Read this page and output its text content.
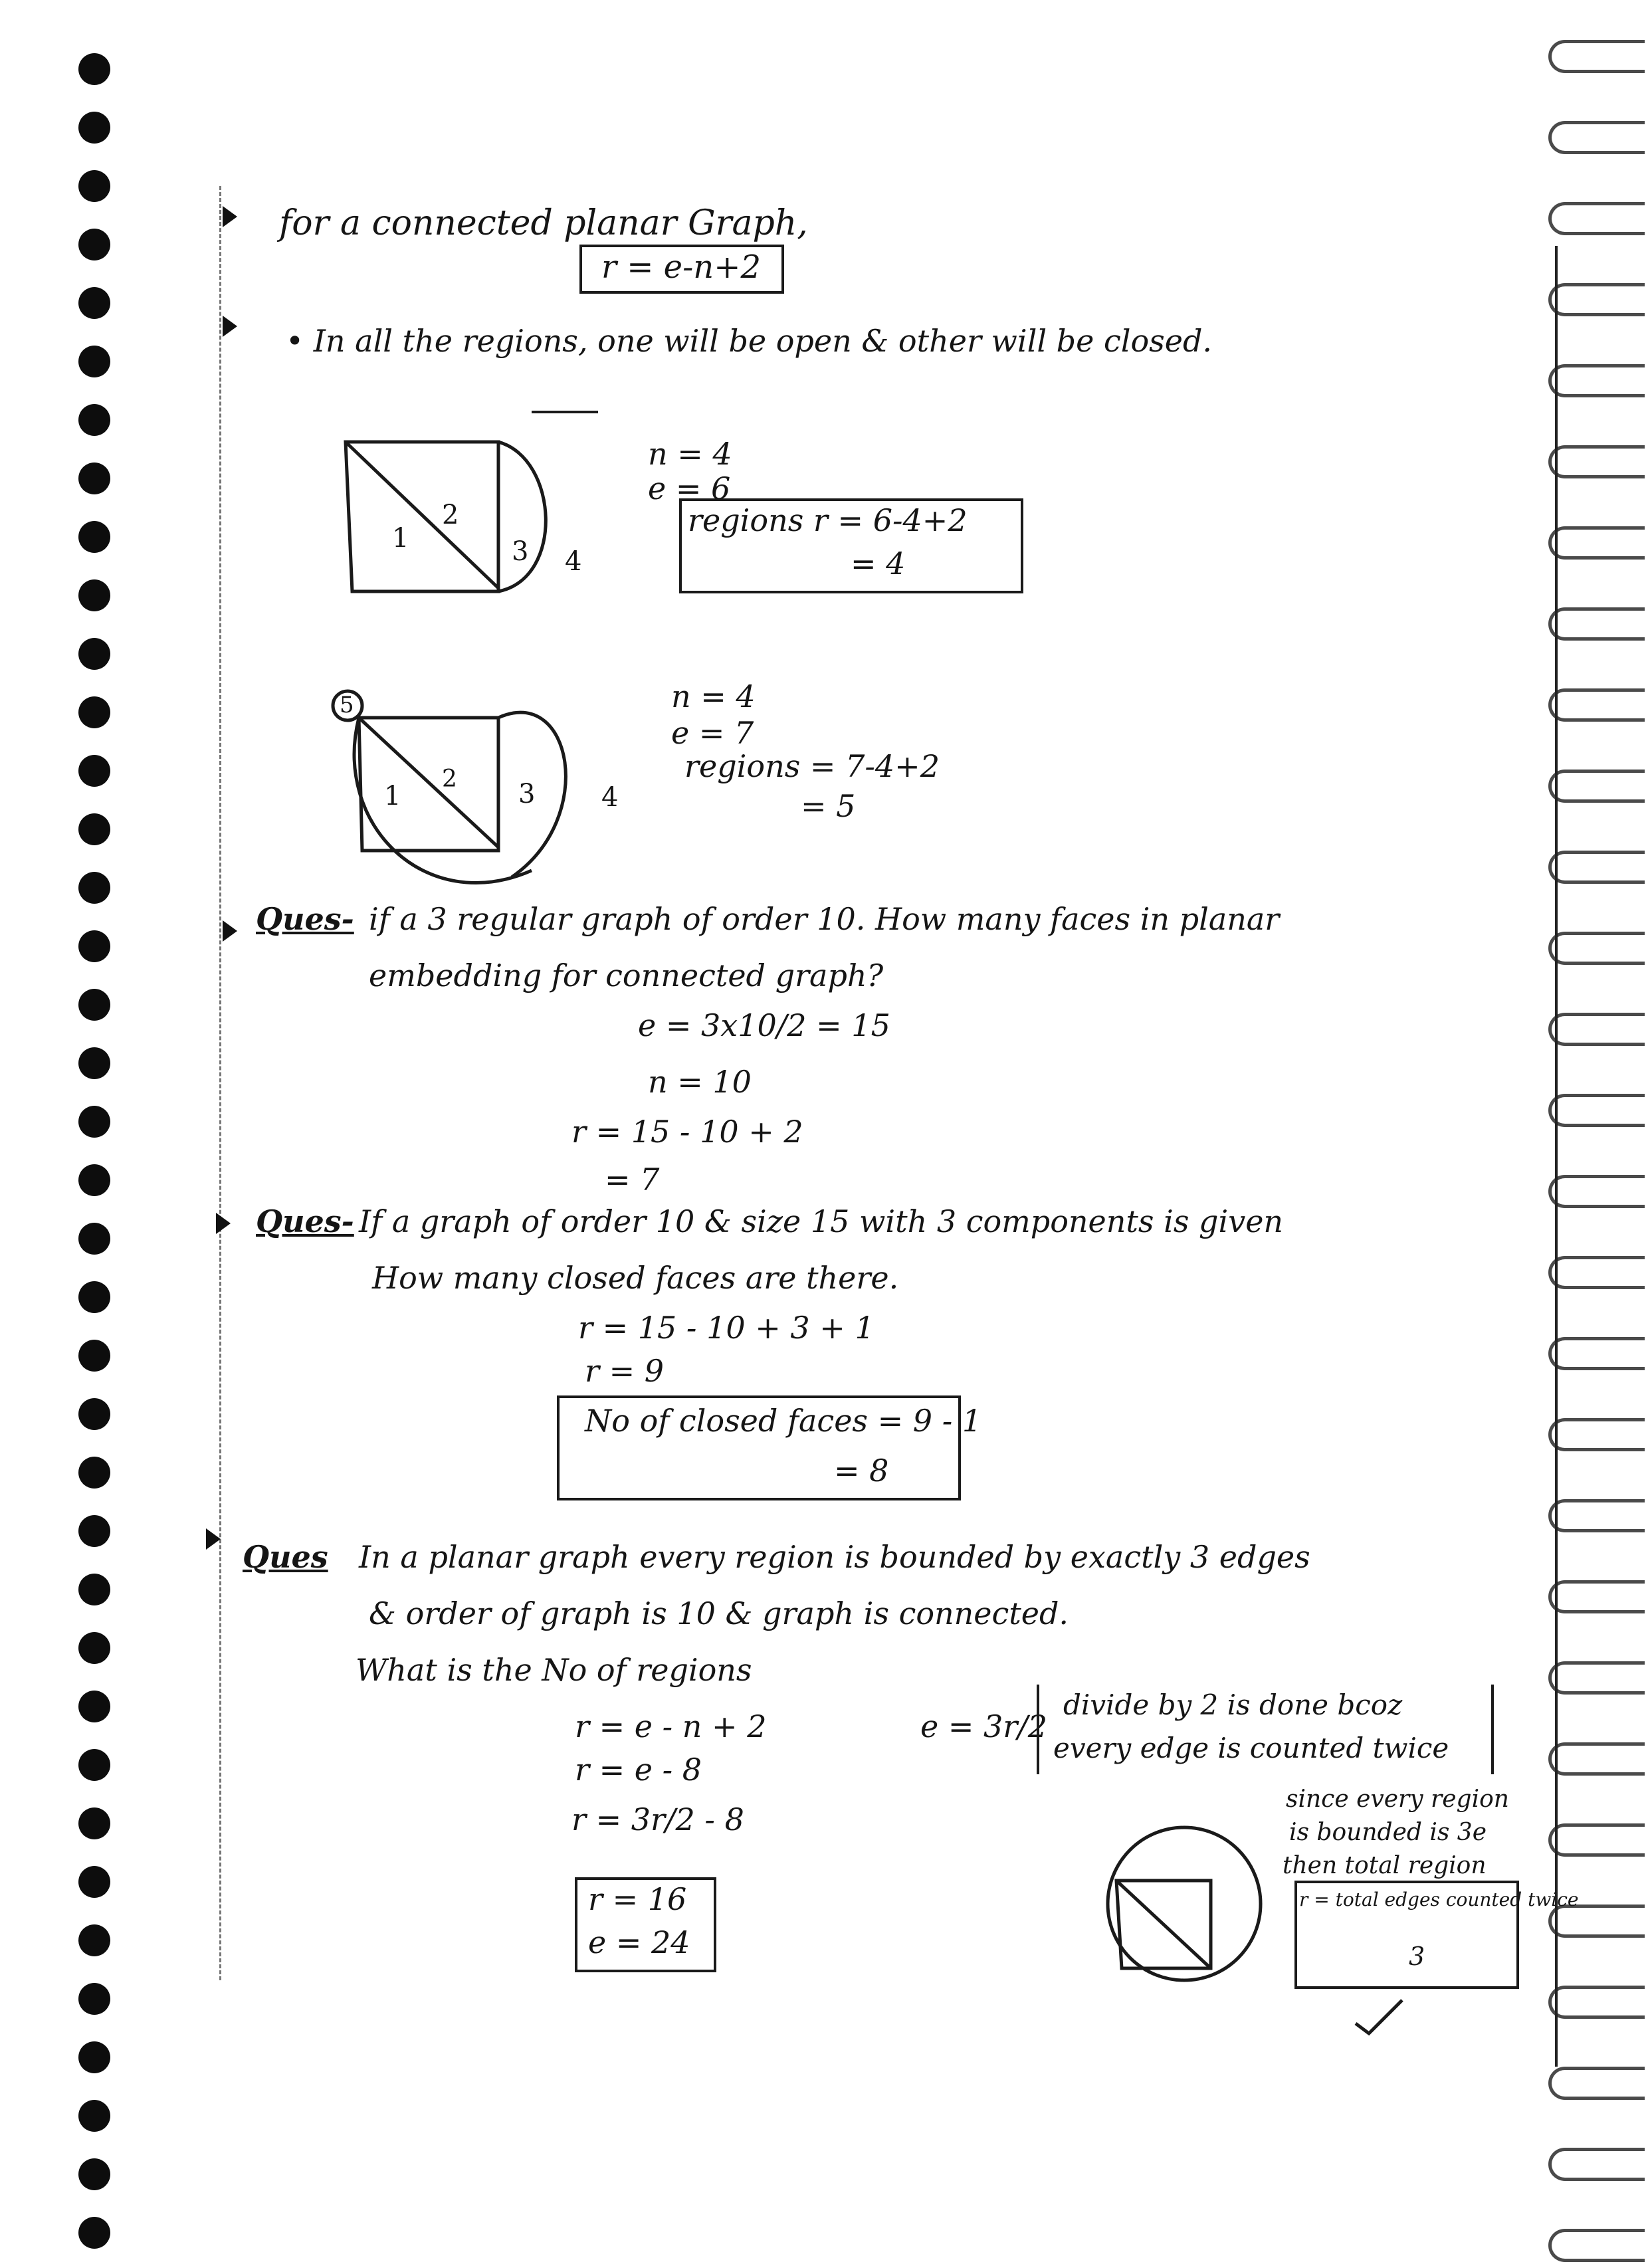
for a connected planar Graph,
r = e-n+2
• In all the regions, one will be open & other will be closed.
1
2
3 4
5
1
2 3 4
n = 4
e = 6
regions r = 6-4+2
= 4
n = 4
e = 7
regions = 7-4+2
= 5
Ques- if a 3 regular graph of order 10. How many faces in planar
embedding for connected graph?
e = 3x10/2 = 15
n = 10
r = 15 - 10 + 2
= 7
Ques- If a graph of order 10 & size 15 with 3 components is given
How many closed faces are there.
r = 15 - 10 + 3 + 1
r = 9
No of closed faces = 9 - 1
= 8
Ques In a planar graph every region is bounded by exactly 3 edges
& order of graph is 10 & graph is connected.
What is the No of regions
r = e - n + 2
r = e - 8
r = 3r/2 - 8
r = 16
e = 24
e = 3r/2
divide by 2 is done bcoz
every edge is counted twice
since every region
is bounded is 3e
then total region
r = total edges counted twice
3
